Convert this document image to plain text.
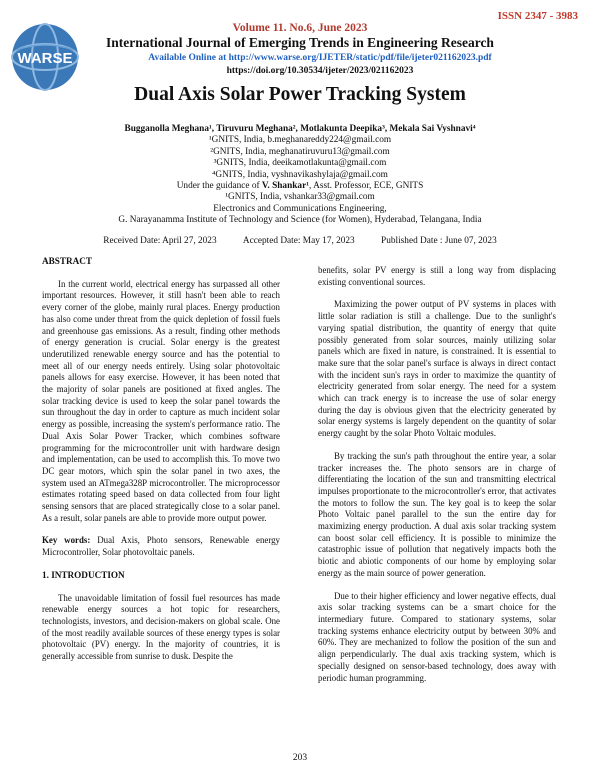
ISSN 2347 - 3983
WARSE
Volume 11. No.6, June 2023
International Journal of Emerging Trends in Engineering Research
Available Online at http://www.warse.org/IJETER/static/pdf/file/ijeter021162023.pdf
https://doi.org/10.30534/ijeter/2023/021162023
Dual Axis Solar Power Tracking System
Bugganolla Meghana¹, Tiruvuru Meghana², Motlakunta Deepika³, Mekala Sai Vyshnavi⁴
¹GNITS, India, b.meghanareddy224@gmail.com
²GNITS, India, meghanatiruvuru13@gmail.com
³GNITS, India, deeikamotlakunta@gmail.com
⁴GNITS, India, vyshnavikashylaja@gmail.com
Under the guidance of V. Shankar¹, Asst. Professor, ECE, GNITS
¹GNITS, India, vshankar33@gmail.com
Electronics and Communications Engineering,
G. Narayanamma Institute of Technology and Science (for Women), Hyderabad, Telangana, India
Received Date: April 27, 2023	Accepted Date: May 17, 2023	Published Date : June 07, 2023
ABSTRACT

In the current world, electrical energy has surpassed all other important resources. However, it still hasn't been able to reach every corner of the globe, mainly rural places. Energy production has also come under threat from the quick depletion of fossil fuels and greenhouse gas emissions. As a result, finding other methods of energy generation is crucial. Solar energy is the greatest underutilized renewable energy source and has the potential to meet all of our energy needs entirely. Using solar photovoltaic panels allows for easy exercise. However, it has been noted that the majority of solar panels are positioned at fixed angles. The solar tracking device is used to keep the solar panel towards the sun throughout the day in order to capture as much incident solar energy as possible, increasing the system's performance ratio. The Dual Axis Solar Power Tracker, which combines software programming for the microcontroller unit with hardware design and implementation, can be used to accomplish this. To move two DC gear motors, which spin the solar panel in two axes, the system used an ATmega328P microcontroller. The microprocessor estimates rotating speed based on data collected from four light sensing sensors that are placed strategically close to a solar panel. As a result, solar panels are able to provide more output power.

Key words: Dual Axis, Photo sensors, Renewable energy Microcontroller, Solar photovoltaic panels.

1. INTRODUCTION

The unavoidable limitation of fossil fuel resources has made renewable energy sources a hot topic for researchers, technologists, investors, and decision-makers on global scale. One of the most readily available sources of these energy types is solar photovoltaic (PV) energy. In the majority of countries, it is generally accessible from sunrise to dusk. Despite the

benefits, solar PV energy is still a long way from displacing existing conventional sources.

Maximizing the power output of PV systems in places with little solar radiation is still a challenge. Due to the sunlight's varying spatial distribution, the quantity of energy that quite possibly generated from solar sources, mainly utilizing solar panels which are fixed in nature, is constrained. It is essential to make sure that the solar panel's surface is always in direct contact with the incident sun's rays in order to maximize the quantity of electricity generated from solar energy. The need for a system which can track energy is to increase the use of solar energy during the day is obvious given that the electricity generated by solar energy systems is largely dependent on the quantity of solar energy caught by the solar Photo Voltaic modules.

By tracking the sun's path throughout the entire year, a solar tracker increases the. The photo sensors are in charge of differentiating the location of the sun and transmitting electrical impulses proportionate to the microcontroller's error, that activates the motors to follow the sun. The key goal is to keep the solar Photo Voltaic panel parallel to the sun the entire day for maximizing energy production. A dual axis solar tracking system can boost solar cell efficiency. It is possible to minimize the catastrophic issue of pollution that negatively impacts both the biotic and abiotic components of our home by employing solar energy as the main source of power generation.

Due to their higher efficiency and lower negative effects, dual axis solar tracking systems can be a smart choice for the intermediary future. Compared to stationary systems, solar tracking systems enhance electricity output by between 30% and 60%. They are mechanized to follow the position of the sun and align perpendicularly. The dual axis tracking system, which is specially designed on sensor-based technology, does away with periodic human programming.

203
